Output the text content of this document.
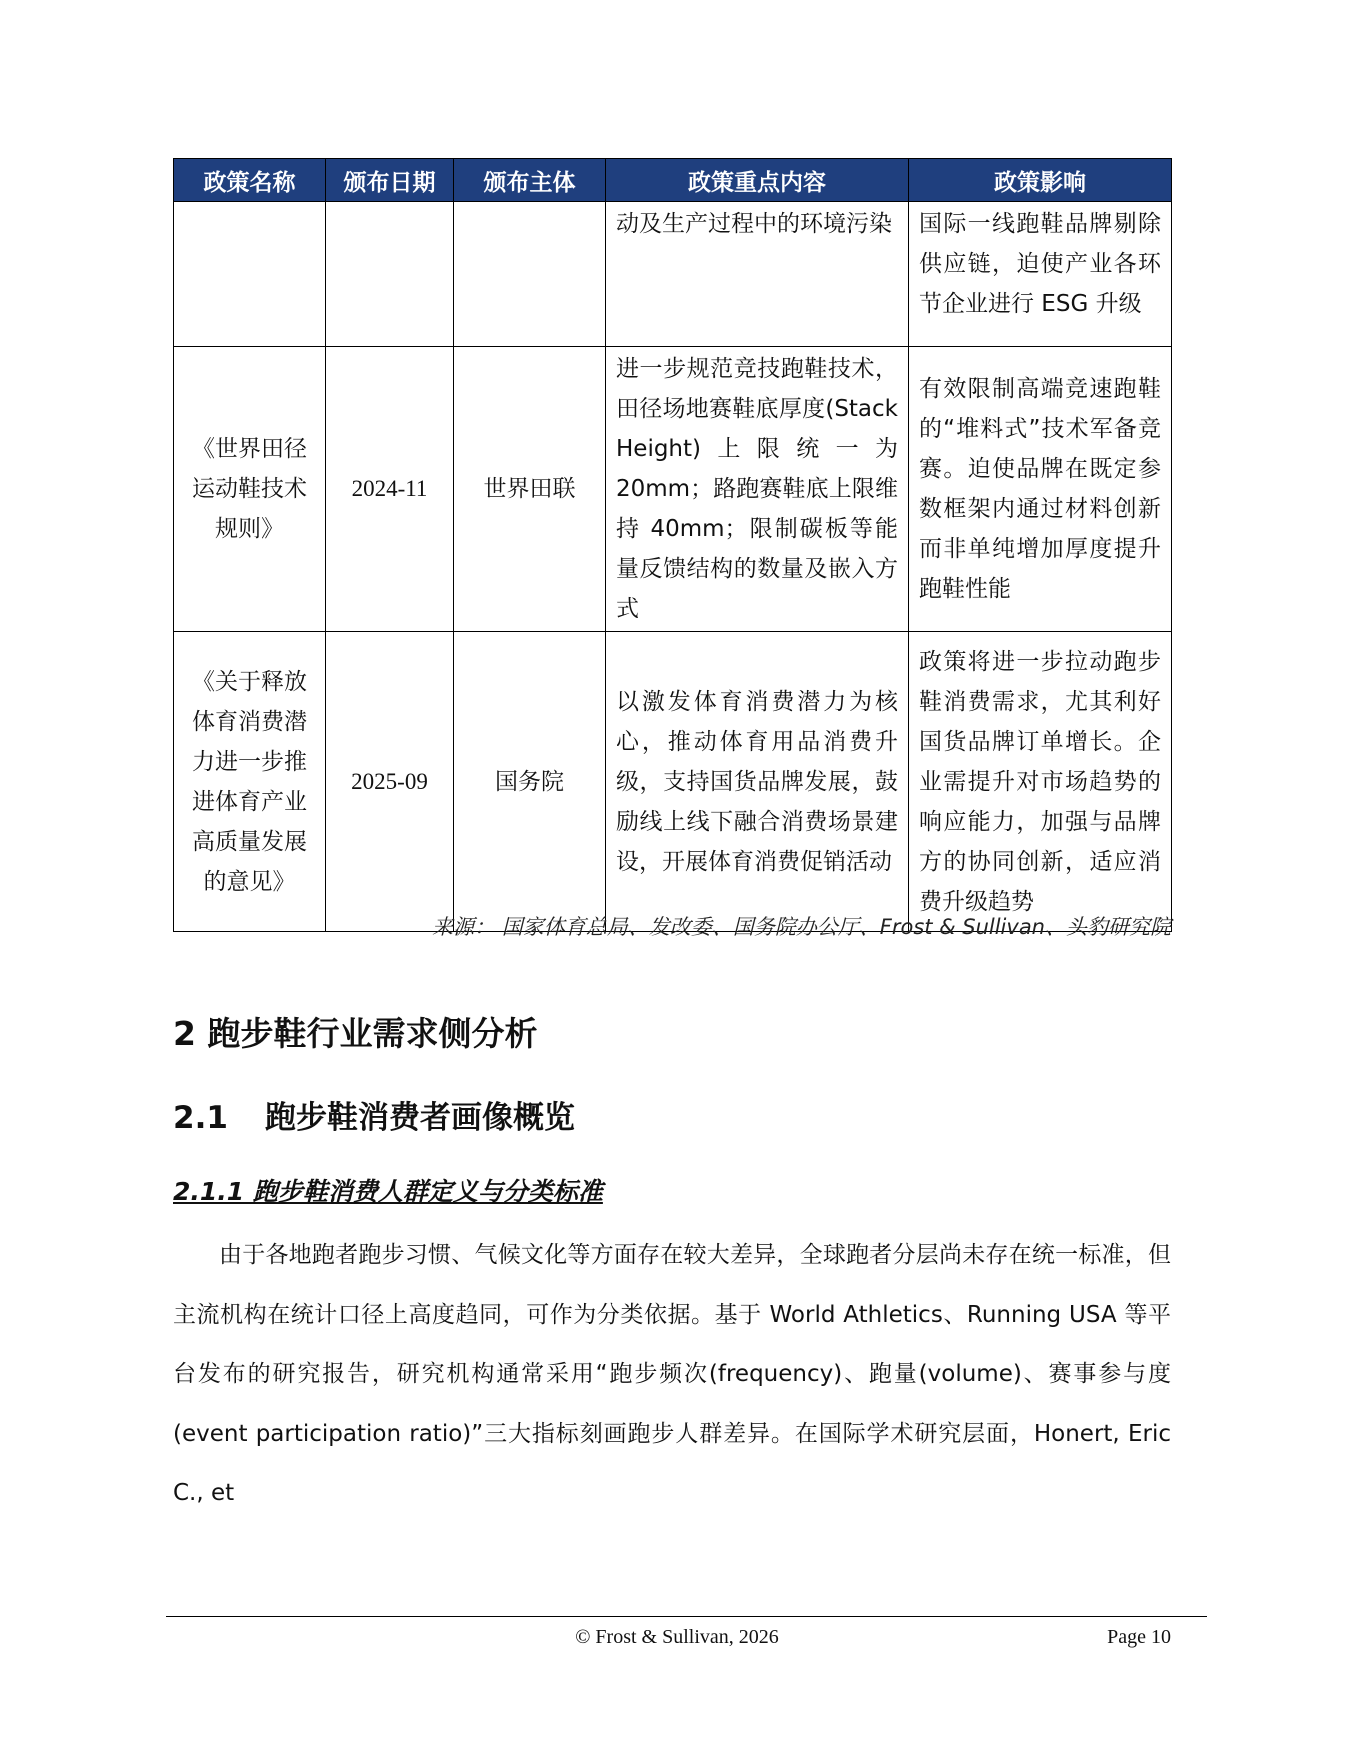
政策名称	颁布日期	颁布主体	政策重点内容	政策影响
			动及生产过程中的环境污染	国际一线跑鞋品牌剔除供应链，迫使产业各环节企业进行 ESG 升级
《世界田径运动鞋技术规则》	2024-11	世界田联	进一步规范竞技跑鞋技术，田径场地赛鞋底厚度(Stack Height)上限统一为 20mm；路跑赛鞋底上限维持 40mm；限制碳板等能量反馈结构的数量及嵌入方式	有效限制高端竞速跑鞋的“堆料式”技术军备竞赛。迫使品牌在既定参数框架内通过材料创新而非单纯增加厚度提升跑鞋性能
《关于释放体育消费潜力进一步推进体育产业高质量发展的意见》	2025-09	国务院	以激发体育消费潜力为核心，推动体育用品消费升级，支持国货品牌发展，鼓励线上线下融合消费场景建设，开展体育消费促销活动	政策将进一步拉动跑步鞋消费需求，尤其利好国货品牌订单增长。企业需提升对市场趋势的响应能力，加强与品牌方的协同创新，适应消费升级趋势
来源： 国家体育总局、发改委、国务院办公厅、Frost & Sullivan、头豹研究院
2 跑步鞋行业需求侧分析
2.1 跑步鞋消费者画像概览
2.1.1 跑步鞋消费人群定义与分类标准
由于各地跑者跑步习惯、气候文化等方面存在较大差异，全球跑者分层尚未存在统一标准，但主流机构在统计口径上高度趋同，可作为分类依据。基于 World Athletics、Running USA 等平台发布的研究报告，研究机构通常采用“跑步频次(frequency)、跑量(volume)、赛事参与度(event participation ratio)”三大指标刻画跑步人群差异。在国际学术研究层面，Honert, Eric C., et
© Frost & Sullivan, 2026	Page 10
